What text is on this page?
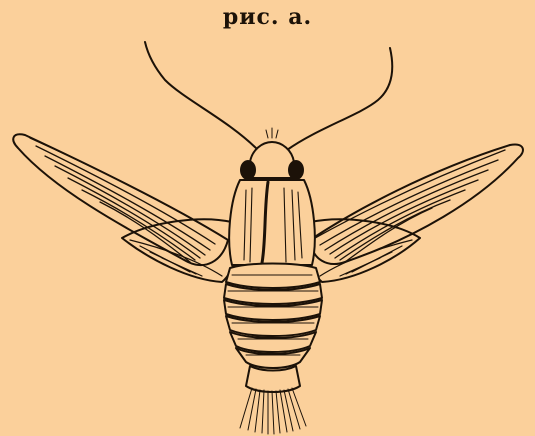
рис. а.
